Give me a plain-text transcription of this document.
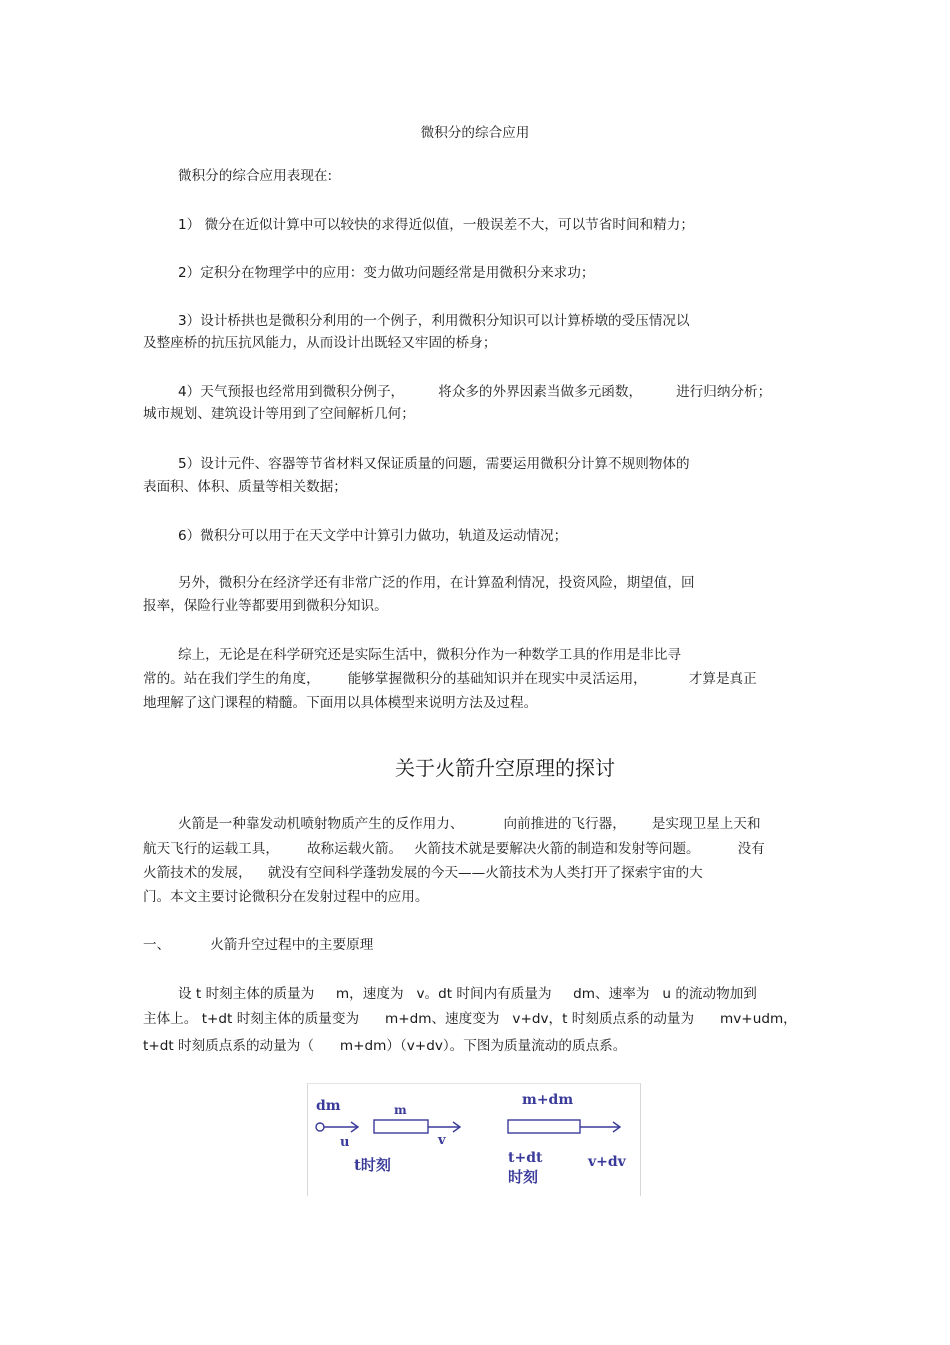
微积分的综合应用
微积分的综合应用表现在:
1） 微分在近似计算中可以较快的求得近似值，一般误差不大，可以节省时间和精力；
2）定积分在物理学中的应用：变力做功问题经常是用微积分来求功；
3）设计桥拱也是微积分利用的一个例子，利用微积分知识可以计算桥墩的受压情况以
及整座桥的抗压抗风能力，从而设计出既轻又牢固的桥身；
4）天气预报也经常用到微积分例子，	将众多的外界因素当做多元函数，	进行归纳分析；
城市规划、建筑设计等用到了空间解析几何；
5）设计元件、容器等节省材料又保证质量的问题，需要运用微积分计算不规则物体的
表面积、体积、质量等相关数据；
6）微积分可以用于在天文学中计算引力做功，轨道及运动情况；
另外，微积分在经济学还有非常广泛的作用，在计算盈利情况，投资风险，期望值，回
报率，保险行业等都要用到微积分知识。
综上，无论是在科学研究还是实际生活中，微积分作为一种数学工具的作用是非比寻
常的。站在我们学生的角度， 能够掌握微积分的基础知识并在现实中灵活运用，	才算是真正
地理解了这门课程的精髓。下面用以具体模型来说明方法及过程。
关于火箭升空原理的探讨
火箭是一种靠发动机喷射物质产生的反作用力、	向前推进的飞行器， 是实现卫星上天和
航天飞行的运载工具， 故称运载火箭。 火箭技术就是要解决火箭的制造和发射等问题。	没有
火箭技术的发展， 就没有空间科学蓬勃发展的今天——火箭技术为人类打开了探索宇宙的大
门。本文主要讨论微积分在发射过程中的应用。
一、	火箭升空过程中的主要原理
设 t 时刻主体的质量为     m，速度为   v。dt 时间内有质量为     dm、速率为   u 的流动物加到
主体上。 t+dt 时刻主体的质量变为      m+dm、速度变为   v+dv，t 时刻质点系的动量为      mv+udm，
t+dt 时刻质点系的动量为（      m+dm）（v+dv）。下图为质量流动的质点系。
dm
u
m
v
t时刻
m+dm
t+dt
时刻
v+dv
